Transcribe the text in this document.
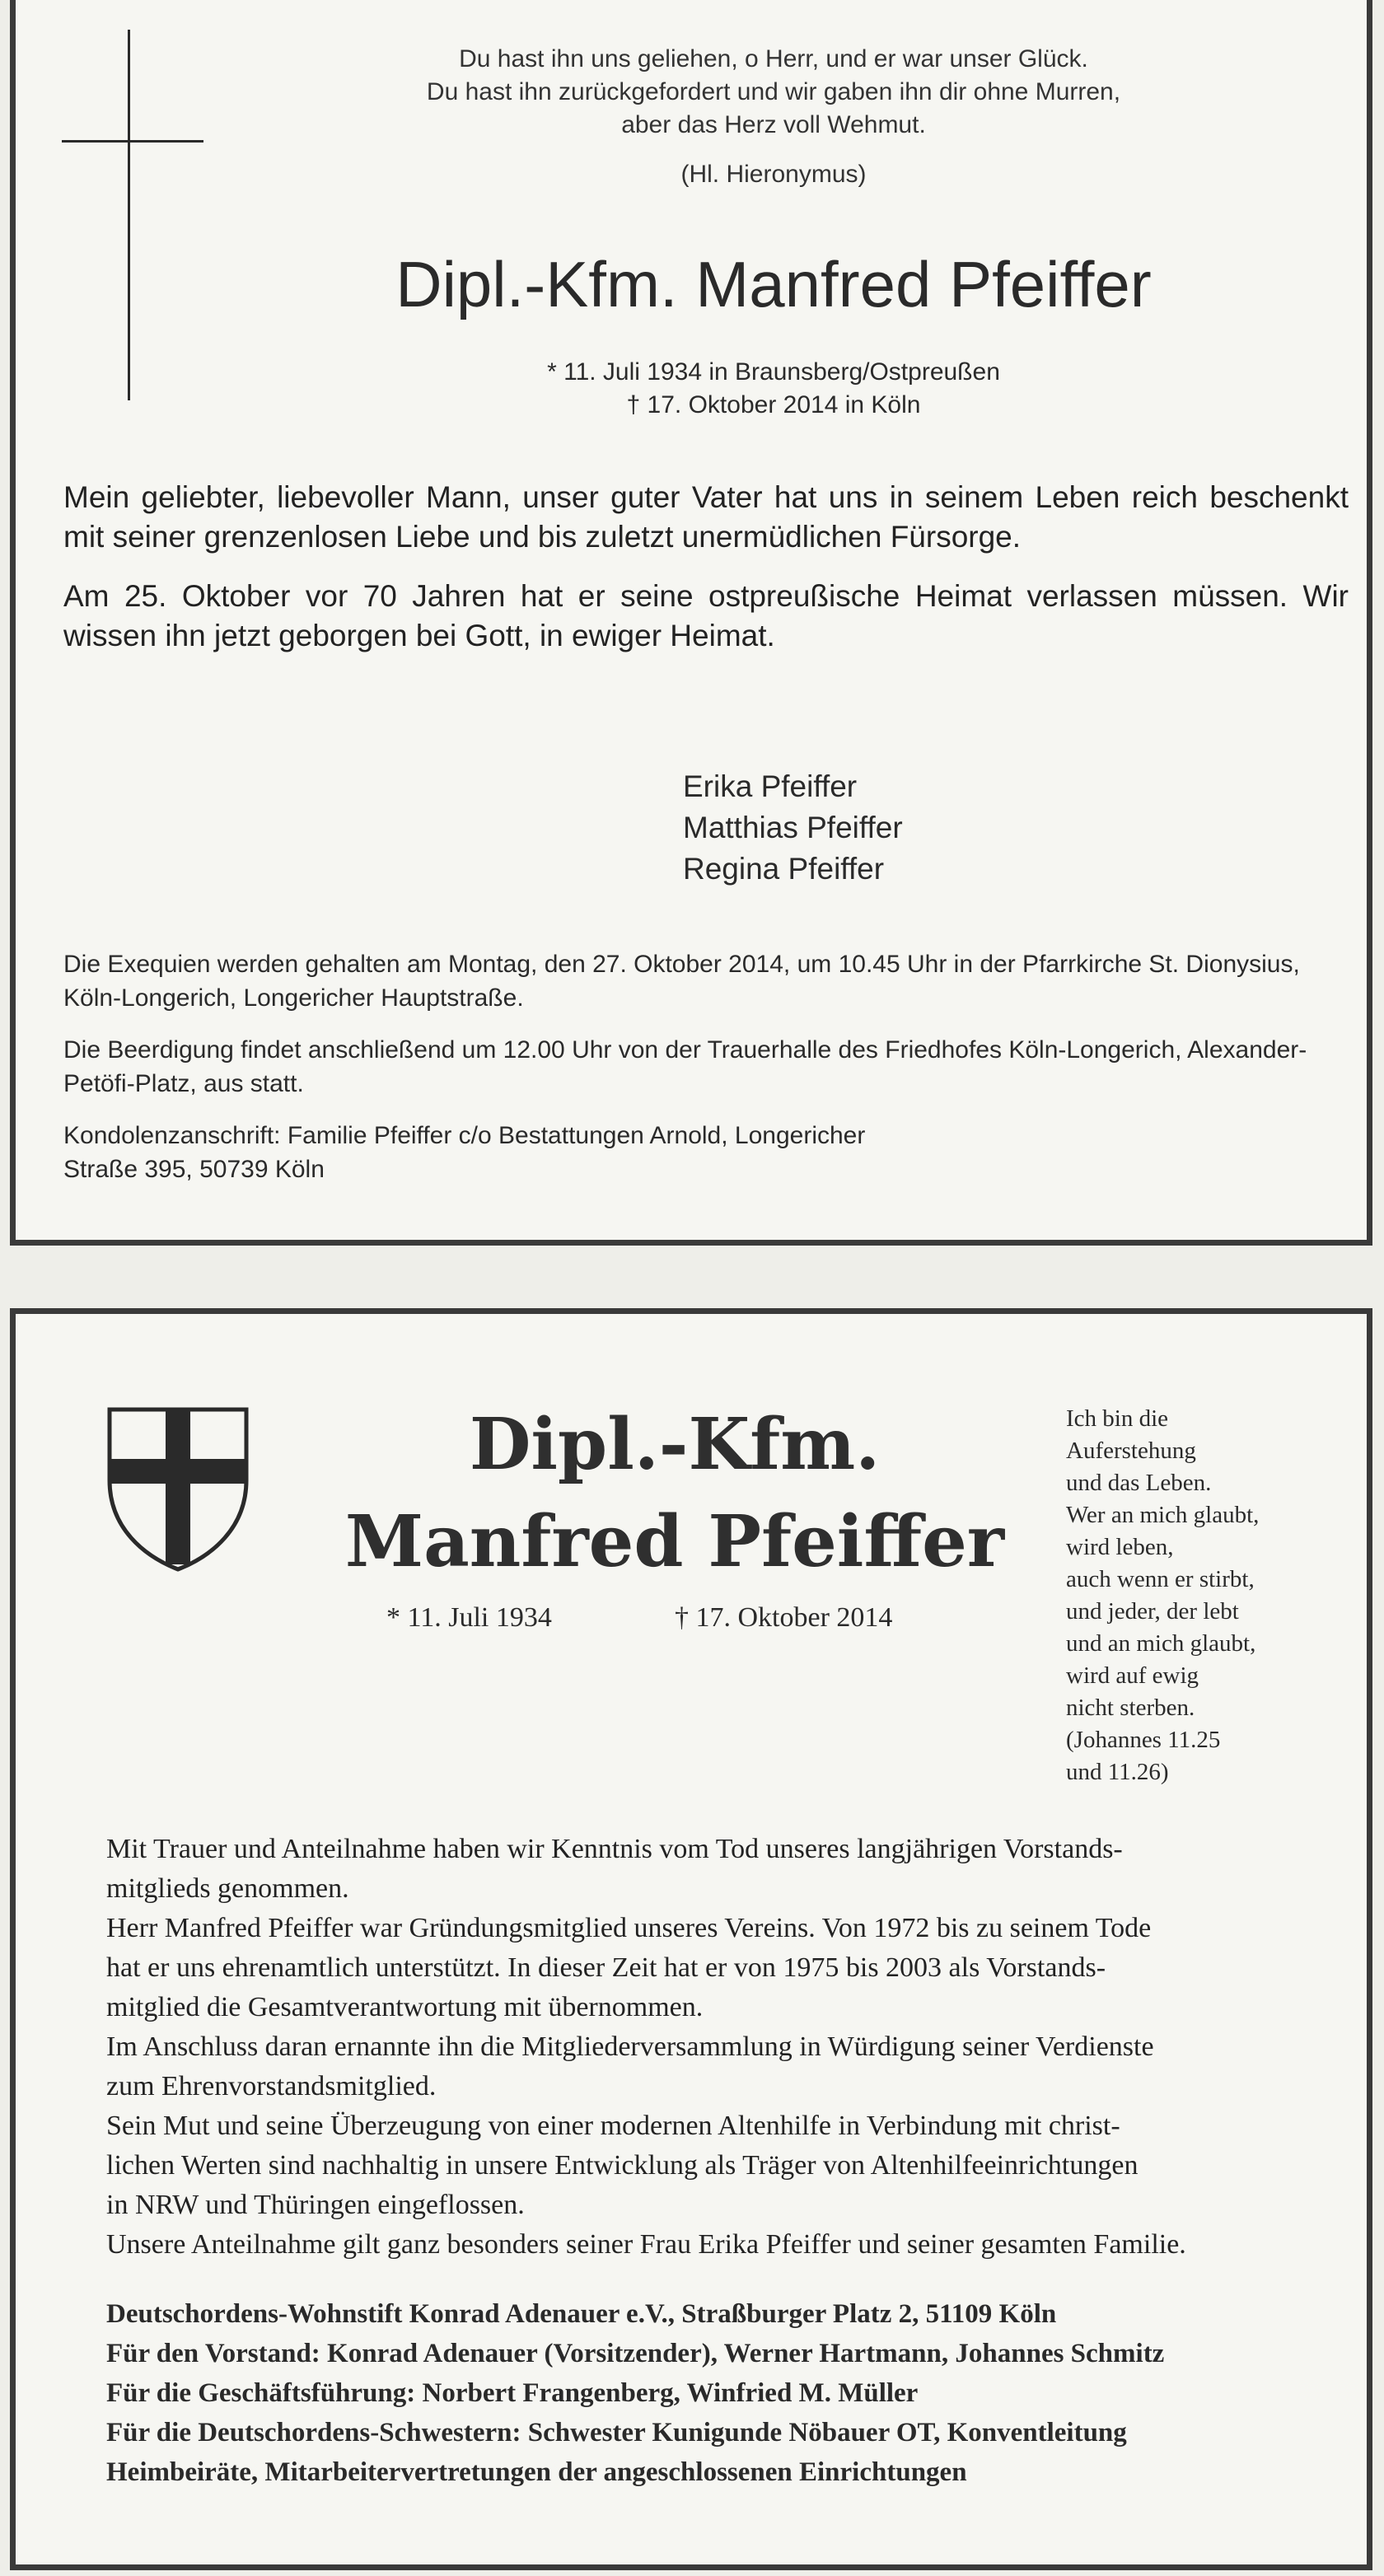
Du hast ihn uns geliehen, o Herr, und er war unser Glück.
Du hast ihn zurückgefordert und wir gaben ihn dir ohne Murren,
aber das Herz voll Wehmut.
(Hl. Hieronymus)
Dipl.-Kfm. Manfred Pfeiffer
* 11. Juli 1934 in Braunsberg/Ostpreußen
† 17. Oktober 2014 in Köln

Mein geliebter, liebevoller Mann, unser guter Vater hat uns in seinem Leben reich beschenkt mit seiner grenzenlosen Liebe und bis zuletzt unermüdlichen Fürsorge.

Am 25. Oktober vor 70 Jahren hat er seine ostpreußische Heimat verlassen müssen. Wir wissen ihn jetzt geborgen bei Gott, in ewiger Heimat.

Erika Pfeiffer
Matthias Pfeiffer
Regina Pfeiffer

Die Exequien werden gehalten am Montag, den 27. Oktober 2014, um 10.45 Uhr in der Pfarrkirche St. Dionysius, Köln-Longerich, Longericher Hauptstraße.

Die Beerdigung findet anschließend um 12.00 Uhr von der Trauerhalle des Friedhofes Köln-Longerich, Alexander-Petöfi-Platz, aus statt.

Kondolenzanschrift: Familie Pfeiffer c/o Bestattungen Arnold, Longericher Straße 395, 50739 Köln

Dipl.-Kfm.
Manfred Pfeiffer
* 11. Juli 1934	† 17. Oktober 2014
Ich bin die
Auferstehung
und das Leben.
Wer an mich glaubt,
wird leben,
auch wenn er stirbt,
und jeder, der lebt
und an mich glaubt,
wird auf ewig
nicht sterben.
(Johannes 11.25
und 11.26)
Mit Trauer und Anteilnahme haben wir Kenntnis vom Tod unseres langjährigen Vorstands-
mitglieds genommen.
Herr Manfred Pfeiffer war Gründungsmitglied unseres Vereins. Von 1972 bis zu seinem Tode
hat er uns ehrenamtlich unterstützt. In dieser Zeit hat er von 1975 bis 2003 als Vorstands-
mitglied die Gesamtverantwortung mit übernommen.
Im Anschluss daran ernannte ihn die Mitgliederversammlung in Würdigung seiner Verdienste
zum Ehrenvorstandsmitglied.
Sein Mut und seine Überzeugung von einer modernen Altenhilfe in Verbindung mit christ-
lichen Werten sind nachhaltig in unsere Entwicklung als Träger von Altenhilfeeinrichtungen
in NRW und Thüringen eingeflossen.
Unsere Anteilnahme gilt ganz besonders seiner Frau Erika Pfeiffer und seiner gesamten Familie.
Deutschordens-Wohnstift Konrad Adenauer e.V., Straßburger Platz 2, 51109 Köln
Für den Vorstand: Konrad Adenauer (Vorsitzender), Werner Hartmann, Johannes Schmitz
Für die Geschäftsführung: Norbert Frangenberg, Winfried M. Müller
Für die Deutschordens-Schwestern: Schwester Kunigunde Nöbauer OT, Konventleitung
Heimbeiräte, Mitarbeitervertretungen der angeschlossenen Einrichtungen
